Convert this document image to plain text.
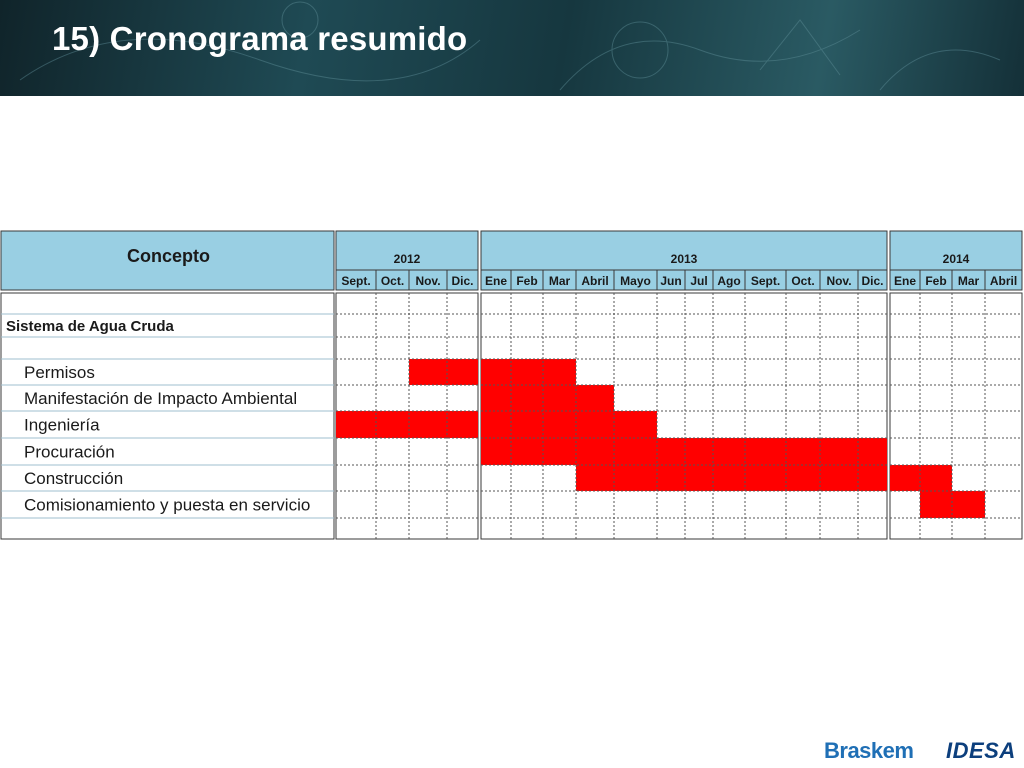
15) Cronograma resumido
Concepto	2012
Sept. Oct. Nov. Dic.
2013
Ene Feb Mar Abril Mayo Jun Jul Ago Sept. Oct. Nov. Dic.
2014
Ene Feb Mar Abril
Sistema de Agua Cruda
Permisos
Manifestación de Impacto Ambiental
Ingeniería
Procuración
Construcción
Comisionamiento y puesta en servicio
Braskem IDESA
